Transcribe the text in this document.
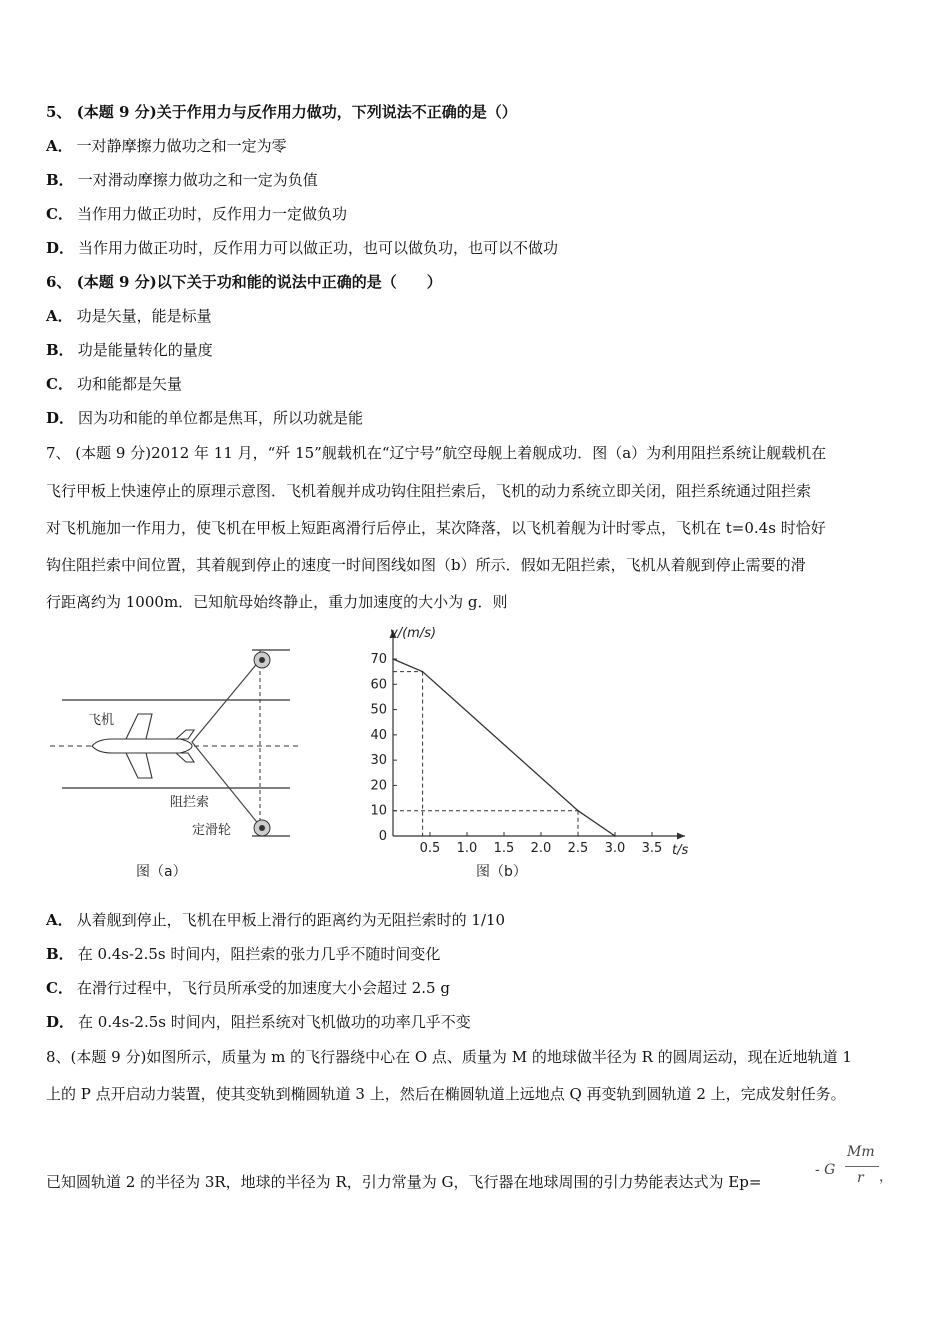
5、 (本题 9 分)关于作用力与反作用力做功，下列说法不正确的是（）
A． 一对静摩擦力做功之和一定为零
B． 一对滑动摩擦力做功之和一定为负值
C． 当作用力做正功时，反作用力一定做负功
D． 当作用力做正功时，反作用力可以做正功，也可以做负功，也可以不做功
6、 (本题 9 分)以下关于功和能的说法中正确的是（　　）
A． 功是矢量，能是标量
B． 功是能量转化的量度
C． 功和能都是矢量
D． 因为功和能的单位都是焦耳，所以功就是能
7、 (本题 9 分)2012 年 11 月，“歼 15”舰载机在“辽宁号”航空母舰上着舰成功．图（a）为利用阻拦系统让舰载机在
飞行甲板上快速停止的原理示意图．飞机着舰并成功钩住阻拦索后，飞机的动力系统立即关闭，阻拦系统通过阻拦索
对飞机施加一作用力，使飞机在甲板上短距离滑行后停止，某次降落，以飞机着舰为计时零点，飞机在 t=0.4s 时恰好
钩住阻拦索中间位置，其着舰到停止的速度一时间图线如图（b）所示．假如无阻拦索，飞机从着舰到停止需要的滑
行距离约为 1000m．已知航母始终静止，重力加速度的大小为 g．则
飞机
阻拦索
定滑轮
图（a）
0.5 1.0 1.5 2.0 2.5 3.0 3.5
0
10
20
30
40
50
60
70
v/(m/s)
t/s
图（b）
A． 从着舰到停止，飞机在甲板上滑行的距离约为无阻拦索时的 1/10
B． 在 0.4s-2.5s 时间内，阻拦索的张力几乎不随时间变化
C． 在滑行过程中，飞行员所承受的加速度大小会超过 2.5 g
D． 在 0.4s-2.5s 时间内，阻拦系统对飞机做功的功率几乎不变
8、(本题 9 分)如图所示，质量为 m 的飞行器绕中心在 O 点、质量为 M 的地球做半径为 R 的圆周运动，现在近地轨道 1
上的 P 点开启动力装置，使其变轨到椭圆轨道 3 上，然后在椭圆轨道上远地点 Q 再变轨到圆轨道 2 上，完成发射任务。
已知圆轨道 2 的半径为 3R，地球的半径为 R，引力常量为 G，飞行器在地球周围的引力势能表达式为 Ep=
- G
Mm
r ，
